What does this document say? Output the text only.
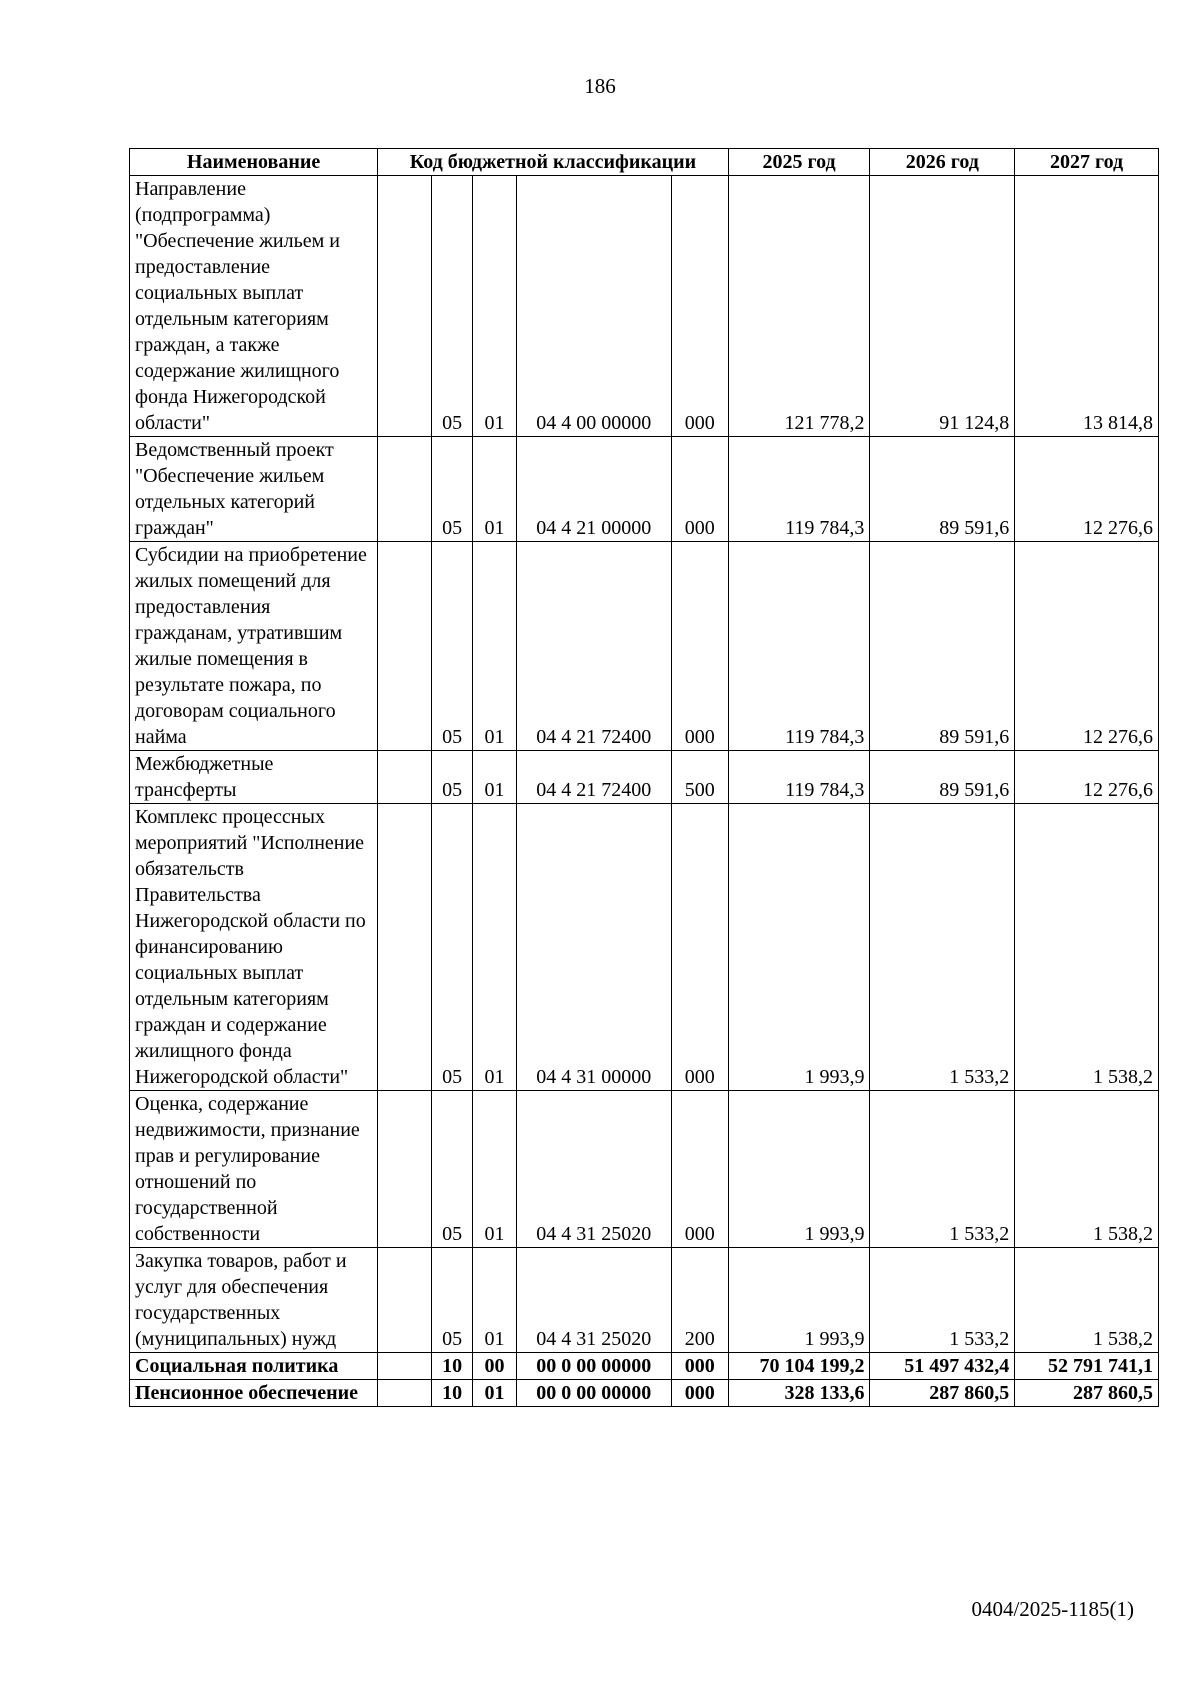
186
Наименование	Код бюджетной классификации					2025 год	2026 год	2027 год
Направление (подпрограмма) "Обеспечение жильем и предоставление социальных выплат отдельным категориям граждан, а также содержание жилищного фонда Нижегородской области"		05	01	04 4 00 00000	000	121 778,2	91 124,8	13 814,8
Ведомственный проект "Обеспечение жильем отдельных категорий граждан"		05	01	04 4 21 00000	000	119 784,3	89 591,6	12 276,6
Субсидии на приобретение жилых помещений для предоставления гражданам, утратившим жилые помещения в результате пожара, по договорам социального найма		05	01	04 4 21 72400	000	119 784,3	89 591,6	12 276,6
Межбюджетные трансферты		05	01	04 4 21 72400	500	119 784,3	89 591,6	12 276,6
Комплекс процессных мероприятий "Исполнение обязательств Правительства Нижегородской области по финансированию социальных выплат отдельным категориям граждан и содержание жилищного фонда Нижегородской области"		05	01	04 4 31 00000	000	1 993,9	1 533,2	1 538,2
Оценка, содержание недвижимости, признание прав и регулирование отношений по государственной собственности		05	01	04 4 31 25020	000	1 993,9	1 533,2	1 538,2
Закупка товаров, работ и услуг для обеспечения государственных (муниципальных) нужд		05	01	04 4 31 25020	200	1 993,9	1 533,2	1 538,2
Социальная политика		10	00	00 0 00 00000	000	70 104 199,2	51 497 432,4	52 791 741,1
Пенсионное обеспечение		10	01	00 0 00 00000	000	328 133,6	287 860,5	287 860,5
0404/2025-1185(1)
